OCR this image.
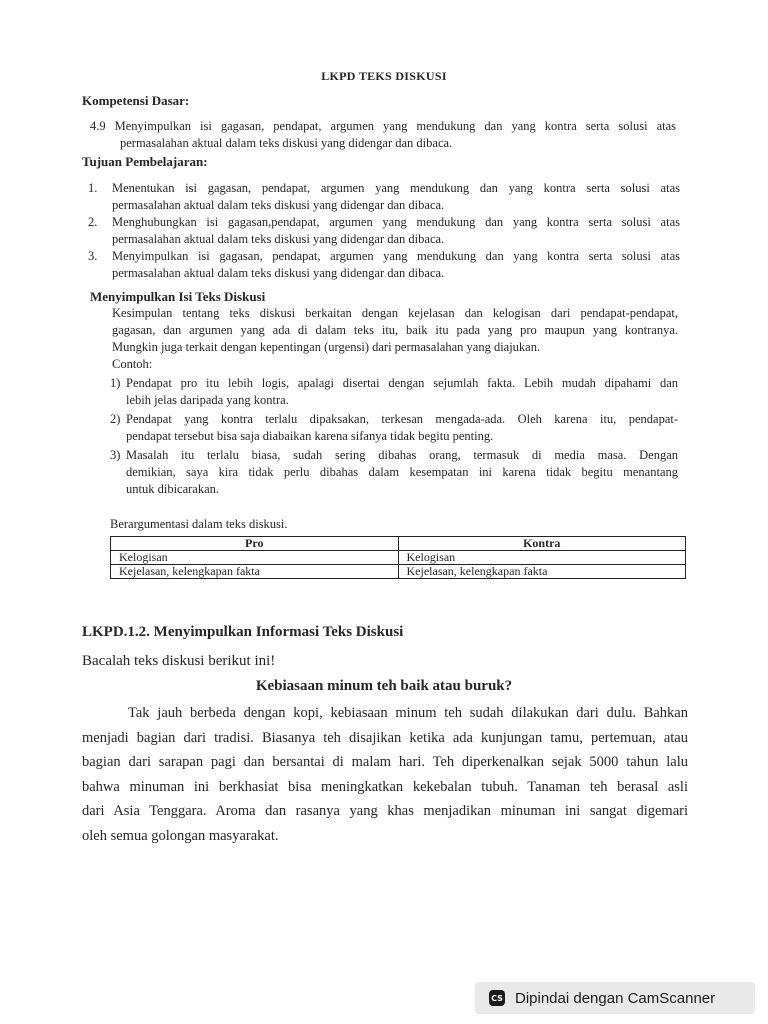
LKPD TEKS DISKUSI
Kompetensi Dasar:
4.9 Menyimpulkan isi gagasan, pendapat, argumen yang mendukung dan yang kontra serta solusi atas
permasalahan aktual dalam teks diskusi yang didengar dan dibaca.
Tujuan Pembelajaran:
1. Menentukan isi gagasan, pendapat, argumen yang mendukung dan yang kontra serta solusi atas
permasalahan aktual dalam teks diskusi yang didengar dan dibaca.
2. Menghubungkan isi gagasan,pendapat, argumen yang mendukung dan yang kontra serta solusi atas
permasalahan aktual dalam teks diskusi yang didengar dan dibaca.
3. Menyimpulkan isi gagasan, pendapat, argumen yang mendukung dan yang kontra serta solusi atas
permasalahan aktual dalam teks diskusi yang didengar dan dibaca.
Menyimpulkan Isi Teks Diskusi
Kesimpulan tentang teks diskusi berkaitan dengan kejelasan dan kelogisan dari pendapat-pendapat,
gagasan, dan argumen yang ada di dalam teks itu, baik itu pada yang pro maupun yang kontranya.
Mungkin juga terkait dengan kepentingan (urgensi) dari permasalahan yang diajukan.
Contoh:
1) Pendapat pro itu lebih logis, apalagi disertai dengan sejumlah fakta. Lebih mudah dipahami dan
lebih jelas daripada yang kontra.
2) Pendapat yang kontra terlalu dipaksakan, terkesan mengada-ada. Oleh karena itu, pendapat-
pendapat tersebut bisa saja diabaikan karena sifanya tidak begitu penting.
3) Masalah itu terlalu biasa, sudah sering dibahas orang, termasuk di media masa. Dengan
demikian, saya kira tidak perlu dibahas dalam kesempatan ini karena tidak begitu menantang
untuk dibicarakan.
Berargumentasi dalam teks diskusi.
Pro	Kontra
Kelogisan	Kelogisan
Kejelasan, kelengkapan fakta	Kejelasan, kelengkapan fakta
LKPD.1.2. Menyimpulkan Informasi Teks Diskusi
Bacalah teks diskusi berikut ini!
Kebiasaan minum teh baik atau buruk?
Tak jauh berbeda dengan kopi, kebiasaan minum teh sudah dilakukan dari dulu. Bahkan
menjadi bagian dari tradisi. Biasanya teh disajikan ketika ada kunjungan tamu, pertemuan, atau
bagian dari sarapan pagi dan bersantai di malam hari. Teh diperkenalkan sejak 5000 tahun lalu
bahwa minuman ini berkhasiat bisa meningkatkan kekebalan tubuh. Tanaman teh berasal asli
dari Asia Tenggara. Aroma dan rasanya yang khas menjadikan minuman ini sangat digemari
oleh semua golongan masyarakat.
CS Dipindai dengan CamScanner
